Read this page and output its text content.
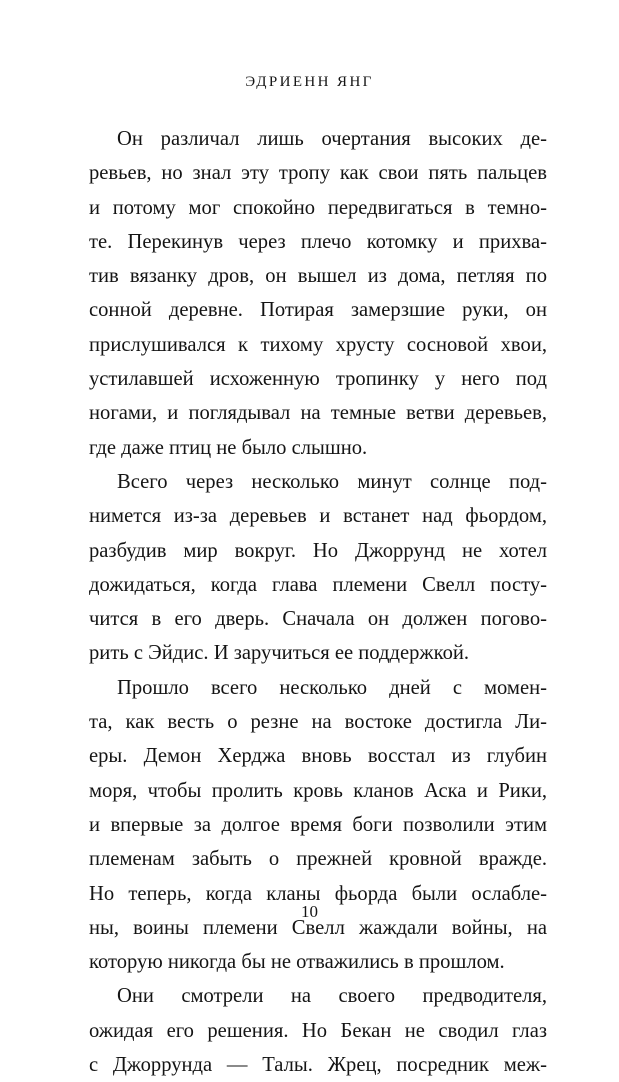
ЭДРИЕНН ЯНГ
Он различал лишь очертания высоких де-
ревьев, но знал эту тропу как свои пять пальцев
и потому мог спокойно передвигаться в темно-
те. Перекинув через плечо котомку и прихва-
тив вязанку дров, он вышел из дома, петляя по
сонной деревне. Потирая замерзшие руки, он
прислушивался к тихому хрусту сосновой хвои,
устилавшей исхоженную тропинку у него под
ногами, и поглядывал на темные ветви деревьев,
где даже птиц не было слышно.
Всего через несколько минут солнце под-
нимется из-за деревьев и встанет над фьордом,
разбудив мир вокруг. Но Джоррунд не хотел
дожидаться, когда глава племени Свелл посту-
чится в его дверь. Сначала он должен поговo-
рить с Эйдис. И заручиться ее поддержкой.
Прошло всего несколько дней с момен-
та, как весть о резне на востоке достигла Ли-
еры. Демон Херджа вновь восстал из глубин
моря, чтобы пролить кровь кланов Аска и Рики,
и впервые за долгое время боги позволили этим
племенам забыть о прежней кровной вражде.
Но теперь, когда кланы фьорда были ослабле-
ны, воины племени Свелл жаждали войны, на
которую никогда бы не отважились в прошлом.
Они смотрели на своего предводителя,
ожидая его решения. Но Бекан не сводил глаз
с Джоррунда — Талы. Жрец, посредник меж-
10
